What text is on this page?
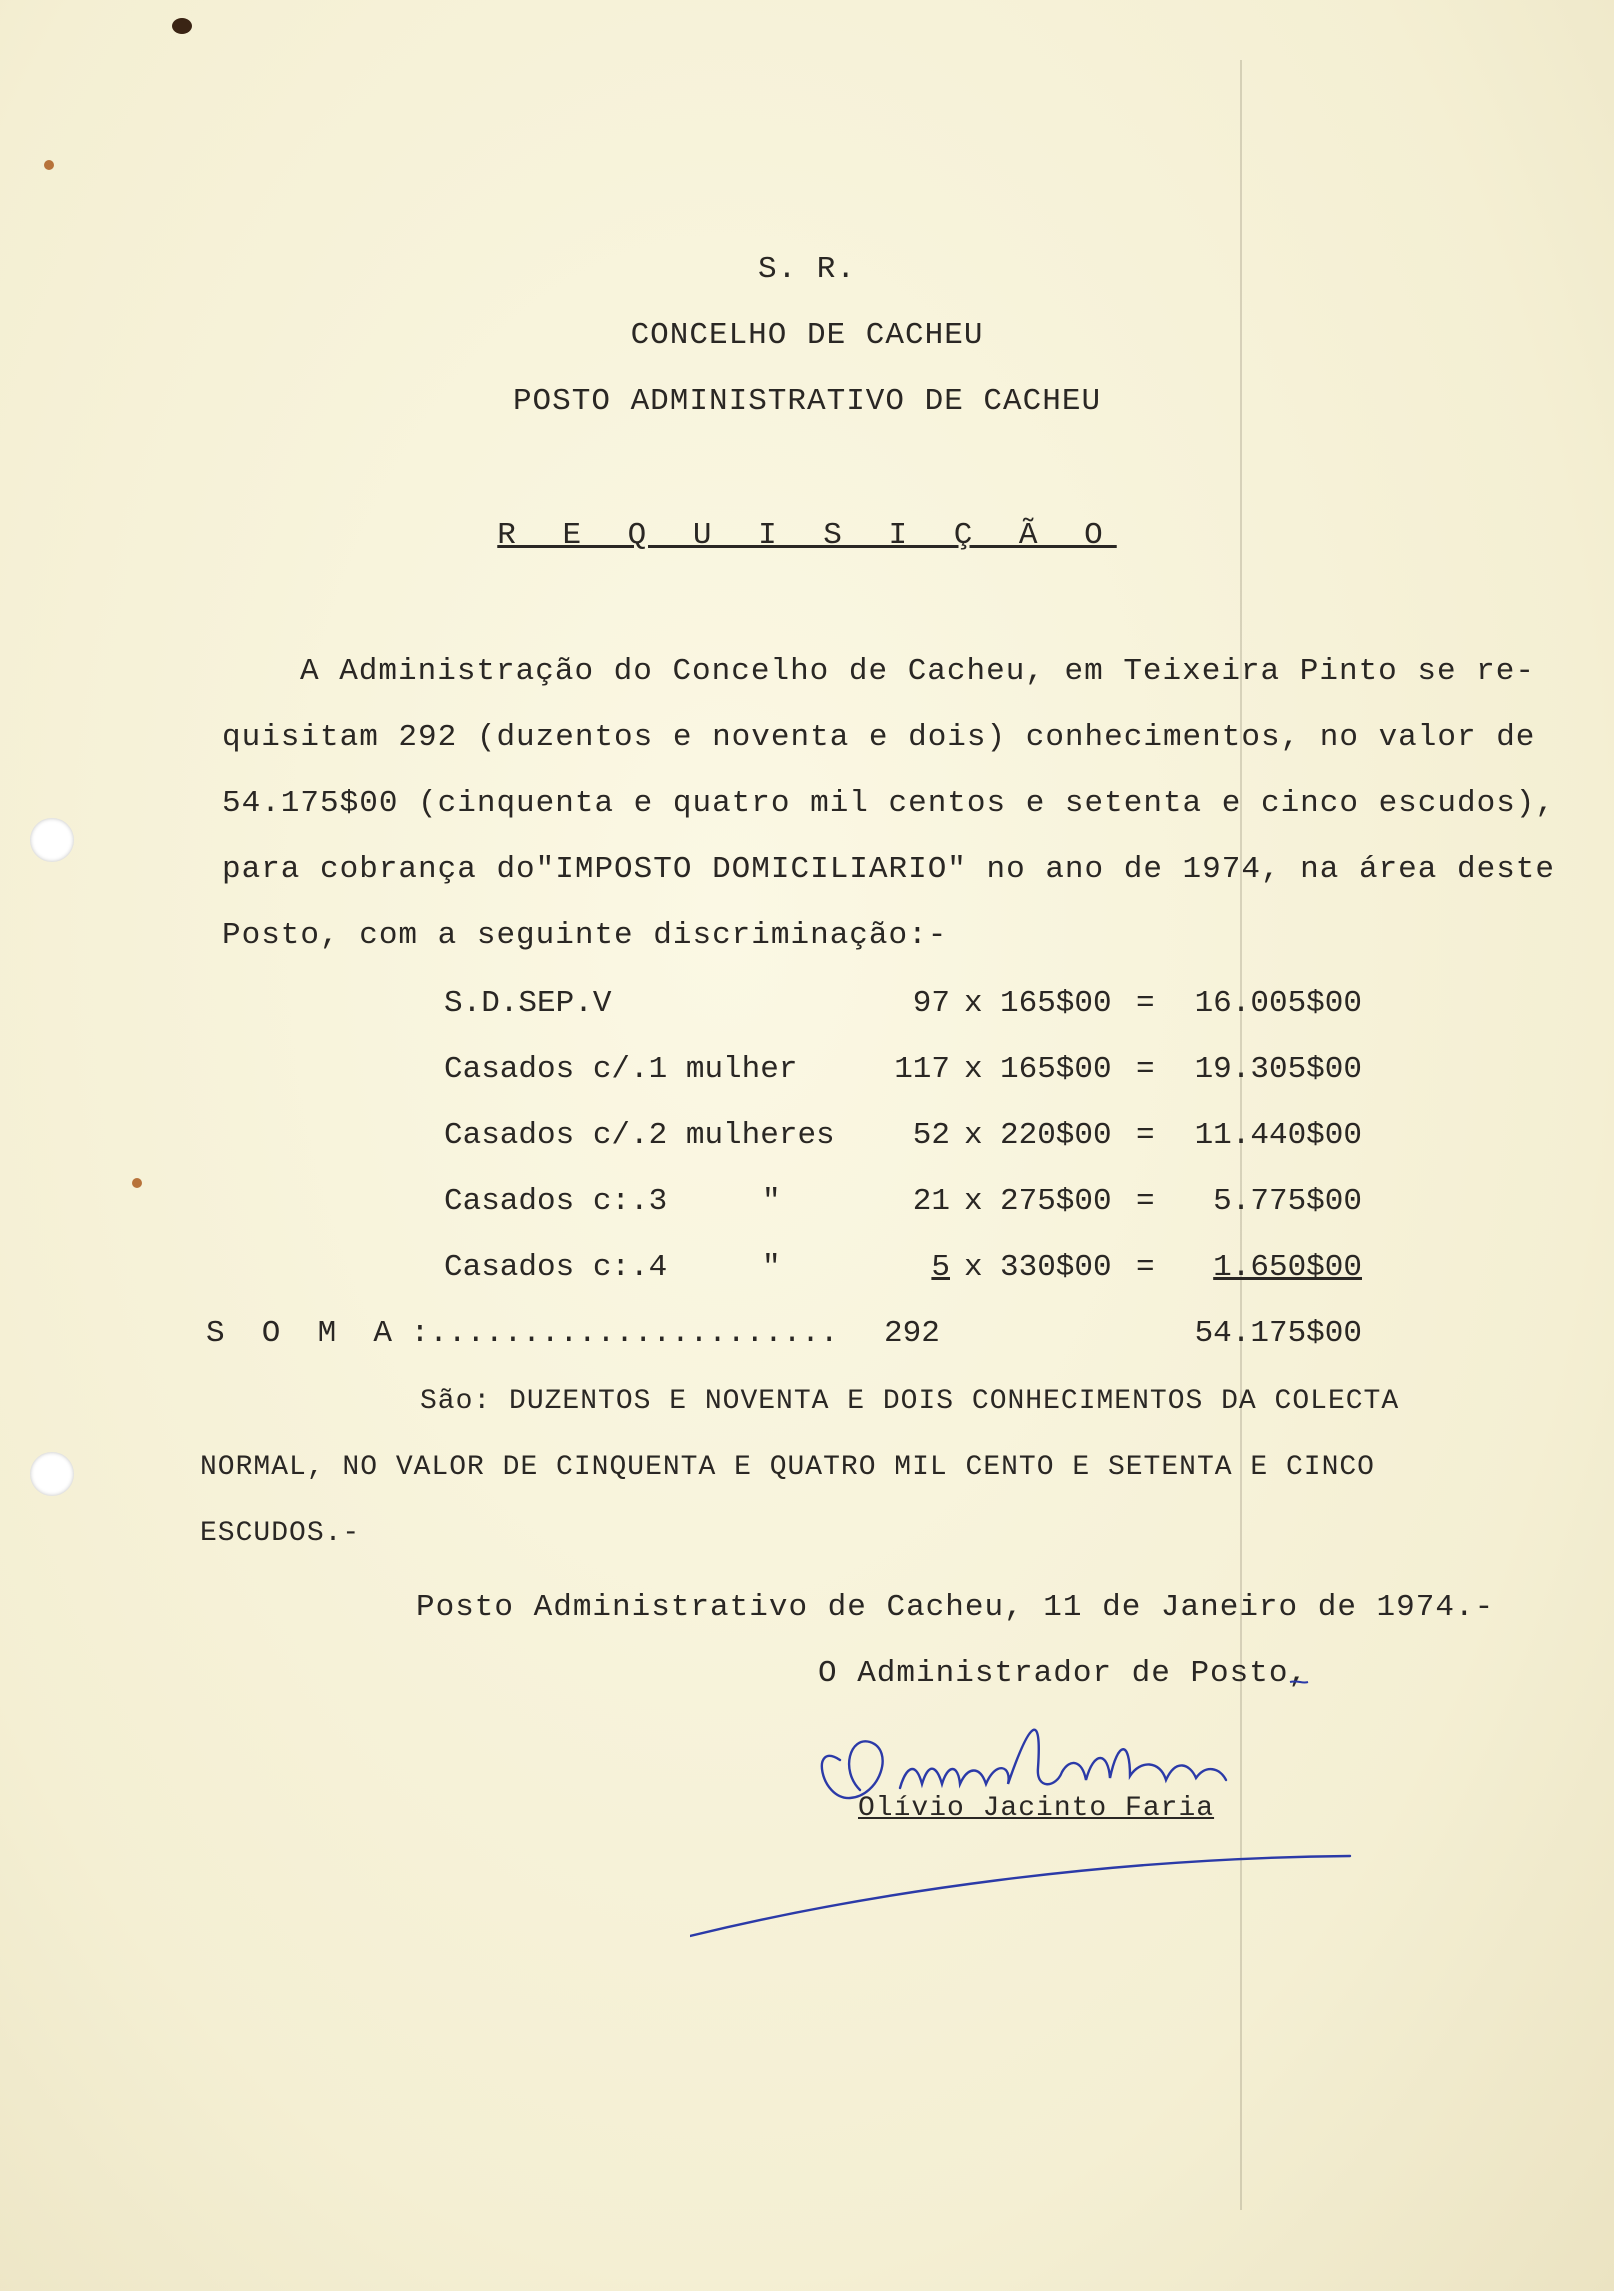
S. R.
CONCELHO DE CACHEU
POSTO ADMINISTRATIVO DE CACHEU
R E Q U I S I Ç Ã O
A Administração do Concelho de Cacheu, em Teixeira Pinto se re-
quisitam 292 (duzentos e noventa e dois) conhecimentos, no valor de
54.175$00 (cinquenta e quatro mil centos e setenta e cinco escudos),
para cobrança do"IMPOSTO DOMICILIARIO" no ano de 1974, na área deste
Posto, com a seguinte discriminação:-
S.D.SEP.V	97 x 165$00 =	16.005$00
Casados c/.1 mulher	117 x 165$00 =	19.305$00
Casados c/.2 mulheres	52 x 220$00 =	11.440$00
Casados c:.3	"	21 x 275$00 =	5.775$00
Casados c:.4	"	5 x 330$00 =	1.650$00
S  O  M  A :...................... 292	54.175$00
São: DUZENTOS E NOVENTA E DOIS CONHECIMENTOS DA COLECTA
NORMAL, NO VALOR DE CINQUENTA E QUATRO MIL CENTO E SETENTA E CINCO
ESCUDOS.-
Posto Administrativo de Cacheu, 11 de Janeiro de 1974.-
O Administrador de Posto,
Olívio Jacinto Faria
